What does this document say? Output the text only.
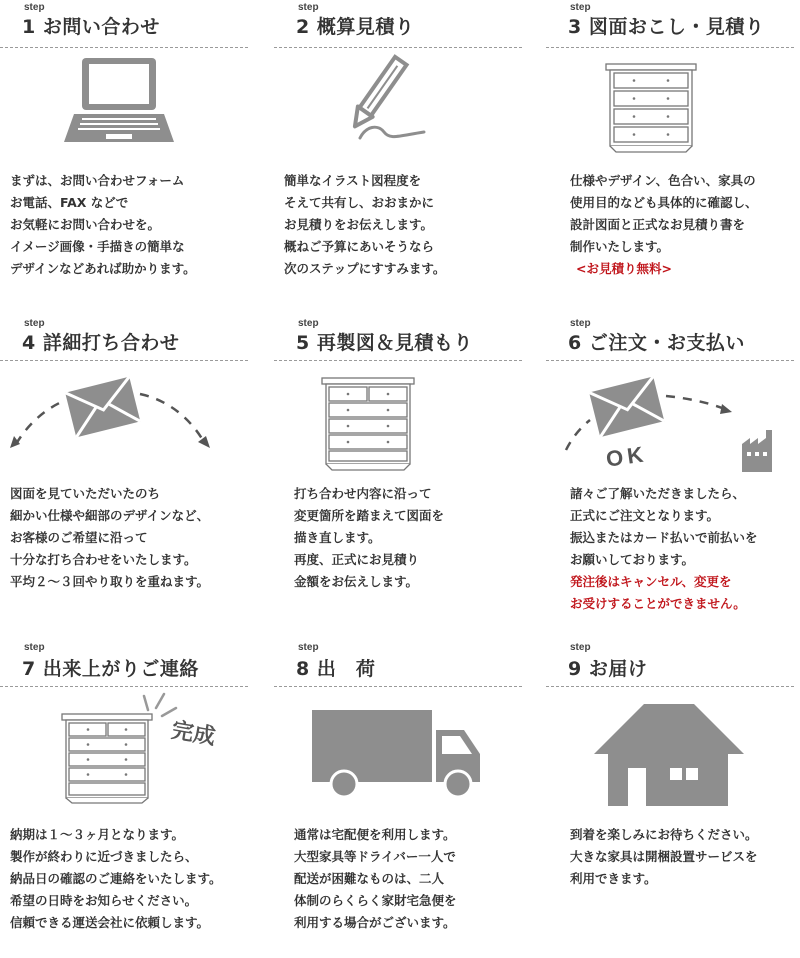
step
1 お問い合わせ
まずは、お問い合わせフォーム
お電話、FAX などで
お気軽にお問い合わせを。
イメージ画像・手描きの簡単な
デザインなどあれば助かります。
step
2 概算見積り
簡単なイラスト図程度を
そえて共有し、おおまかに
お見積りをお伝えします。
概ねご予算にあいそうなら
次のステップにすすみます。
step
3 図面おこし・見積り
仕様やデザイン、色合い、家具の
使用目的なども具体的に確認し、
設計図面と正式なお見積り書を
制作いたします。
<お見積り無料>
step
4 詳細打ち合わせ
図面を見ていただいたのち
細かい仕様や細部のデザインなど、
お客様のご希望に沿って
十分な打ち合わせをいたします。
平均２～３回やり取りを重ねます。
step
5 再製図＆見積もり
打ち合わせ内容に沿って
変更箇所を踏まえて図面を
描き直します。
再度、正式にお見積り
金額をお伝えします。
step
6 ご注文・お支払い
OK
諸々ご了解いただきましたら、
正式にご注文となります。
振込またはカード払いで前払いを
お願いしております。
発注後はキャンセル、変更を
お受けすることができません。
step
7 出来上がりご連絡
完成
納期は１～３ヶ月となります。
製作が終わりに近づきましたら、
納品日の確認のご連絡をいたします。
希望の日時をお知らせください。
信頼できる運送会社に依頼します。
step
8 出　荷
通常は宅配便を利用します。
大型家具等ドライバー一人で
配送が困難なものは、二人
体制のらくらく家財宅急便を
利用する場合がございます。
step
9 お届け
到着を楽しみにお待ちください。
大きな家具は開梱設置サービスを
利用できます。
